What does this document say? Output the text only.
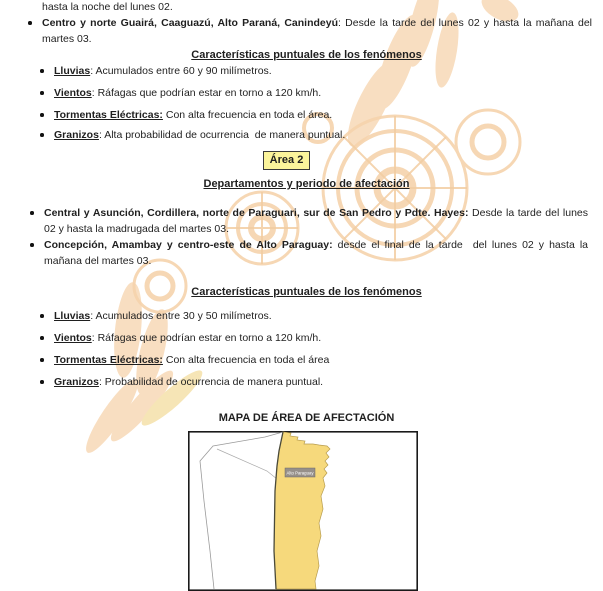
hasta la noche del lunes 02.
Centro y norte Guairá, Caaguazú, Alto Paraná, Canindeyú: Desde la tarde del lunes 02 y hasta la mañana del martes 03.
Características puntuales de los fenómenos
Lluvias: Acumulados entre 60 y 90 milímetros.
Vientos: Ráfagas que podrían estar en torno a 120 km/h.
Tormentas Eléctricas: Con alta frecuencia en toda el área.
Granizos: Alta probabilidad de ocurrencia  de manera puntual.
Área 2
Departamentos y periodo de afectación
Central y Asunción, Cordillera, norte de Paraguari, sur de San Pedro y Pdte. Hayes: Desde la tarde del lunes 02 y hasta la madrugada del martes 03.
Concepción, Amambay y centro-este de Alto Paraguay: desde el final de la tarde  del lunes 02 y hasta la mañana del martes 03.
Características puntuales de los fenómenos
Lluvias: Acumulados entre 30 y 50 milímetros.
Vientos: Ráfagas que podrían estar en torno a 120 km/h.
Tormentas Eléctricas: Con alta frecuencia en toda el área
Granizos: Probabilidad de ocurrencia de manera puntual.
MAPA DE ÁREA DE AFECTACIÓN
Alto Paraguay
